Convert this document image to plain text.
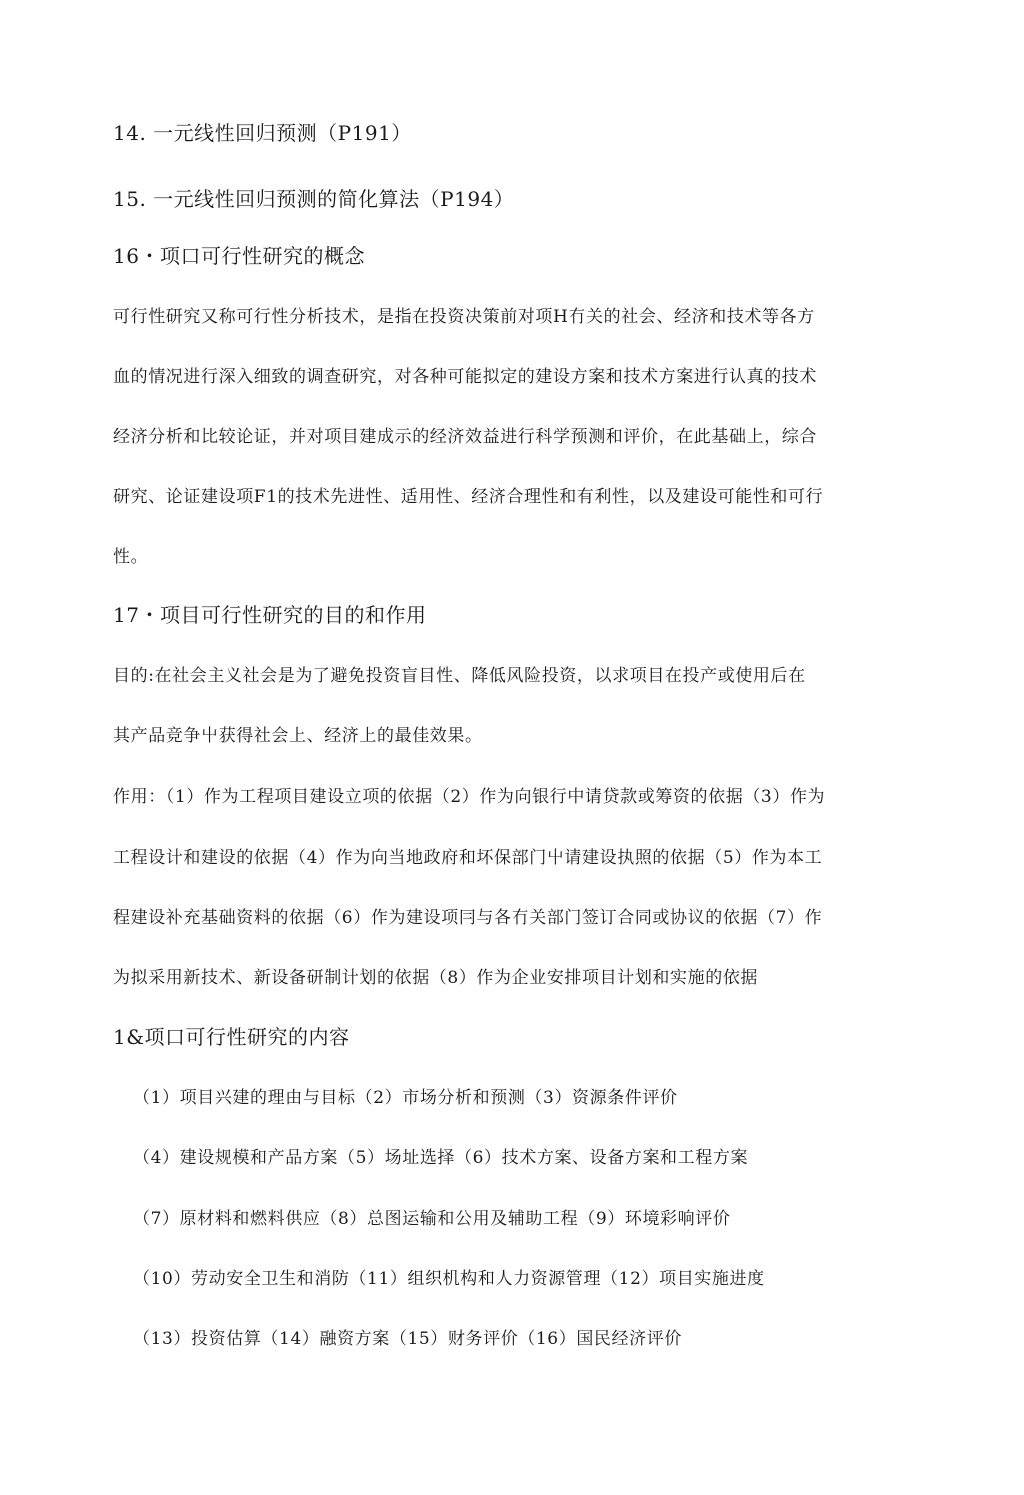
14. 一元线性回归预测（P191）
15. 一元线性回归预测的简化算法（P194）
16・项口可行性研究的概念
可行性研究又称可行性分析技术，是指在投资决策前对项H冇关的社会、经济和技术等各方
血的情况进行深入细致的调查研究，对各种可能拟定的建设方案和技术方案进行认真的技术
经济分析和比较论证，并对项目建成示的经济效益进行科学预测和评价，在此基础上，综合
研究、论证建设项F1的技术先进性、适用性、经济合理性和有利性，以及建设可能性和可行
性。
17・项目可行性研究的目的和作用
目的:在社会主义社会是为了避免投资盲目性、降低风险投资，以求项目在投产或使用后在
其产品竞争屮获得社会上、经济上的最佳效果。
作用：（1）作为工程项目建设立项的依据（2）作为向银行中请贷款或筹资的依据（3）作为
工程设计和建设的依据（4）作为向当地政府和坏保部门屮请建设执照的依据（5）作为本工
程建设补充基础资料的依据（6）作为建设项冃与各冇关部门签订合同或协议的依据（7）作
为拟采用新技术、新设备研制计划的依据（8）作为企业安排项目计划和实施的依据
1&项口可行性研究的内容
（1）项目兴建的理由与目标（2）市场分析和预测（3）资源条件评价
（4）建设规模和产品方案（5）场址选择（6）技术方案、设备方案和工程方案
（7）原材料和燃料供应（8）总图运输和公用及辅助工程（9）环境彩响评价
（10）劳动安全卫生和消防（11）组织机构和人力资源管理（12）项目实施进度
（13）投资估算（14）融资方案（15）财务评价（16）国民经济评价
